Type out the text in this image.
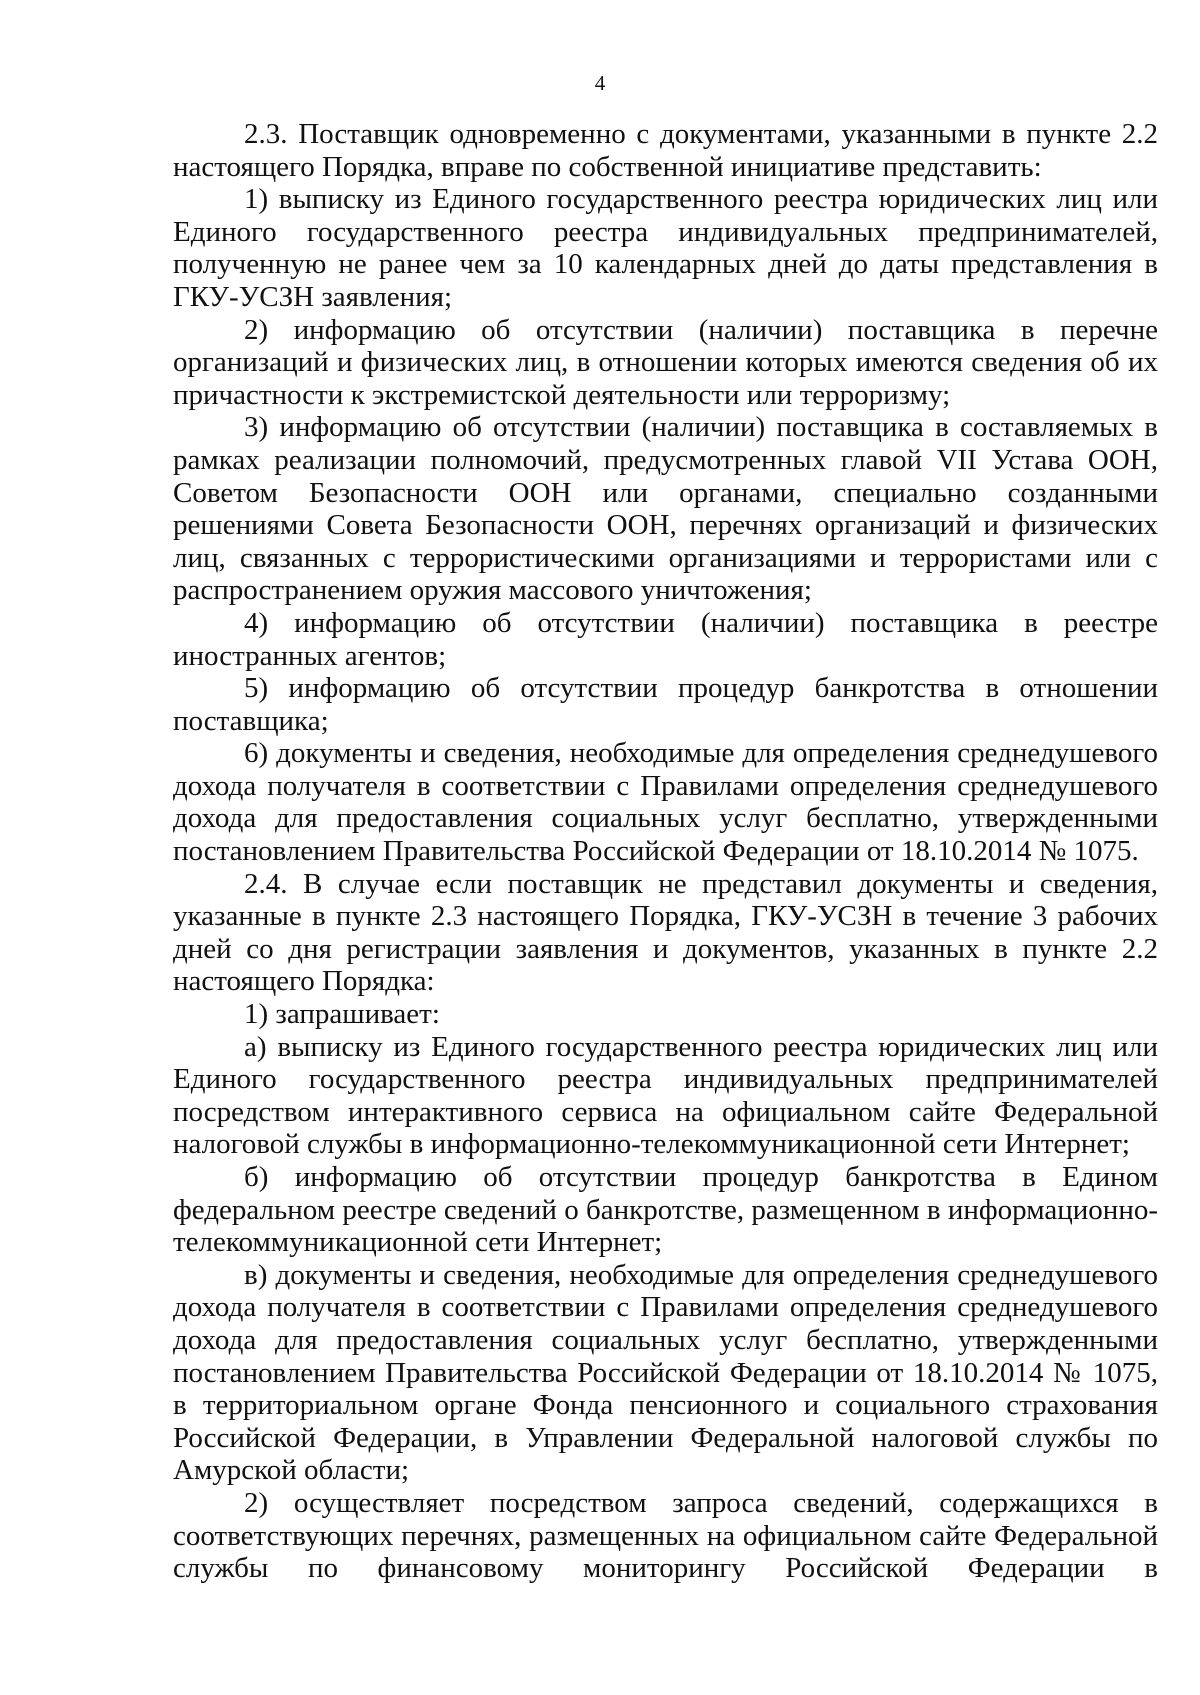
4

2.3. Поставщик одновременно с документами, указанными в пункте 2.2 настоящего Порядка, вправе по собственной инициативе представить:

1) выписку из Единого государственного реестра юридических лиц или Единого государственного реестра индивидуальных предпринимателей, полученную не ранее чем за 10 календарных дней до даты представления в ГКУ-УСЗН заявления;

2) информацию об отсутствии (наличии) поставщика в перечне организаций и физических лиц, в отношении которых имеются сведения об их причастности к экстремистской деятельности или терроризму;

3) информацию об отсутствии (наличии) поставщика в составляемых в рамках реализации полномочий, предусмотренных главой VII Устава ООН, Советом Безопасности ООН или органами, специально созданными решениями Совета Безопасности ООН, перечнях организаций и физических лиц, связанных с террористическими организациями и террористами или с распространением оружия массового уничтожения;

4) информацию об отсутствии (наличии) поставщика в реестре иностранных агентов;

5) информацию об отсутствии процедур банкротства в отношении поставщика;

6) документы и сведения, необходимые для определения среднедушевого дохода получателя в соответствии с Правилами определения среднедушевого дохода для предоставления социальных услуг бесплатно, утвержденными постановлением Правительства Российской Федерации от 18.10.2014 № 1075.

2.4. В случае если поставщик не представил документы и сведения, указанные в пункте 2.3 настоящего Порядка, ГКУ-УСЗН в течение 3 рабочих дней со дня регистрации заявления и документов, указанных в пункте 2.2 настоящего Порядка:

1) запрашивает:

а) выписку из Единого государственного реестра юридических лиц или Единого государственного реестра индивидуальных предпринимателей посредством интерактивного сервиса на официальном сайте Федеральной налоговой службы в информационно-телекоммуникационной сети Интернет;

б) информацию об отсутствии процедур банкротства в Едином федеральном реестре сведений о банкротстве, размещенном в информационно-телекоммуникационной сети Интернет;

в) документы и сведения, необходимые для определения среднедушевого дохода получателя в соответствии с Правилами определения среднедушевого дохода для предоставления социальных услуг бесплатно, утвержденными постановлением Правительства Российской Федерации от 18.10.2014 № 1075, в территориальном органе Фонда пенсионного и социального страхования Российской Федерации, в Управлении Федеральной налоговой службы по Амурской области;

2) осуществляет посредством запроса сведений, содержащихся в соответствующих перечнях, размещенных на официальном сайте Федеральной службы по финансовому мониторингу Российской Федерации в
